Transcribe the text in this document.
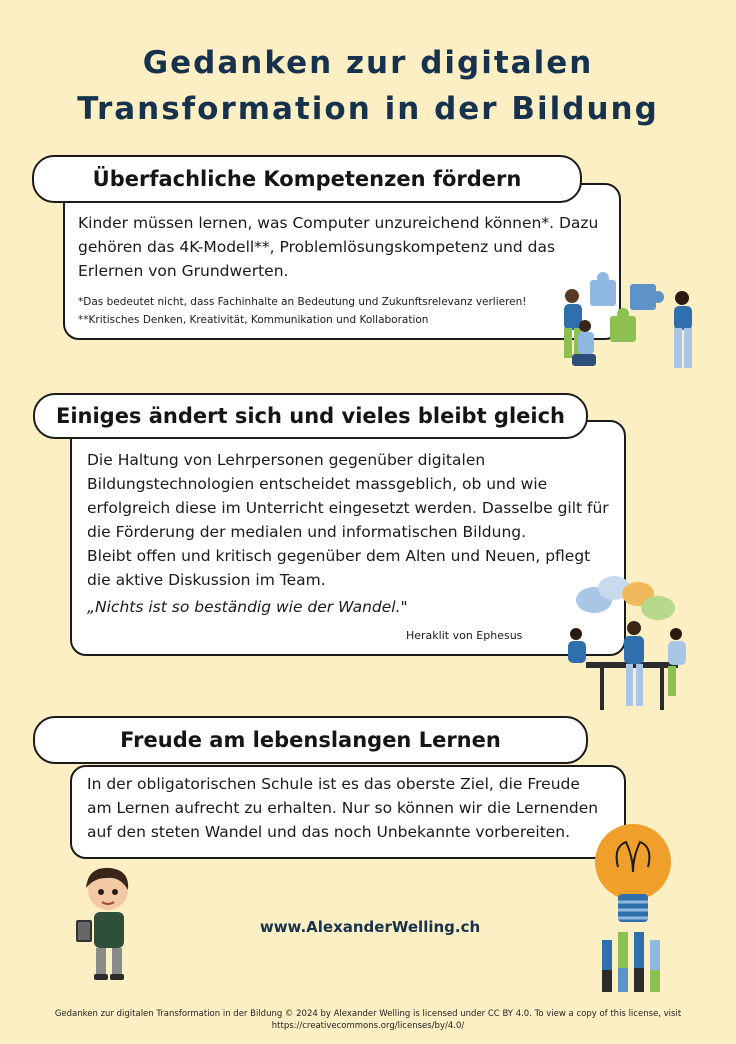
Gedanken zur digitalen
Transformation in der Bildung
Überfachliche Kompetenzen fördern
Kinder müssen lernen, was Computer unzureichend können*. Dazu
gehören das 4K-Modell**, Problemlösungskompetenz und das
Erlernen von Grundwerten.
*Das bedeutet nicht, dass Fachinhalte an Bedeutung und Zukunftsrelevanz verlieren!
**Kritisches Denken, Kreativität, Kommunikation und Kollaboration
Einiges ändert sich und vieles bleibt gleich
Die Haltung von Lehrpersonen gegenüber digitalen
Bildungstechnologien entscheidet massgeblich, ob und wie
erfolgreich diese im Unterricht eingesetzt werden. Dasselbe gilt für
die Förderung der medialen und informatischen Bildung.
Bleibt offen und kritisch gegenüber dem Alten und Neuen, pflegt
die aktive Diskussion im Team.
„Nichts ist so beständig wie der Wandel."
Heraklit von Ephesus
Freude am lebenslangen Lernen
In der obligatorischen Schule ist es das oberste Ziel, die Freude
am Lernen aufrecht zu erhalten. Nur so können wir die Lernenden
auf den steten Wandel und das noch Unbekannte vorbereiten.
www.AlexanderWelling.ch
Gedanken zur digitalen Transformation in der Bildung © 2024 by Alexander Welling is licensed under CC BY 4.0. To view a copy of this license, visit
https://creativecommons.org/licenses/by/4.0/
